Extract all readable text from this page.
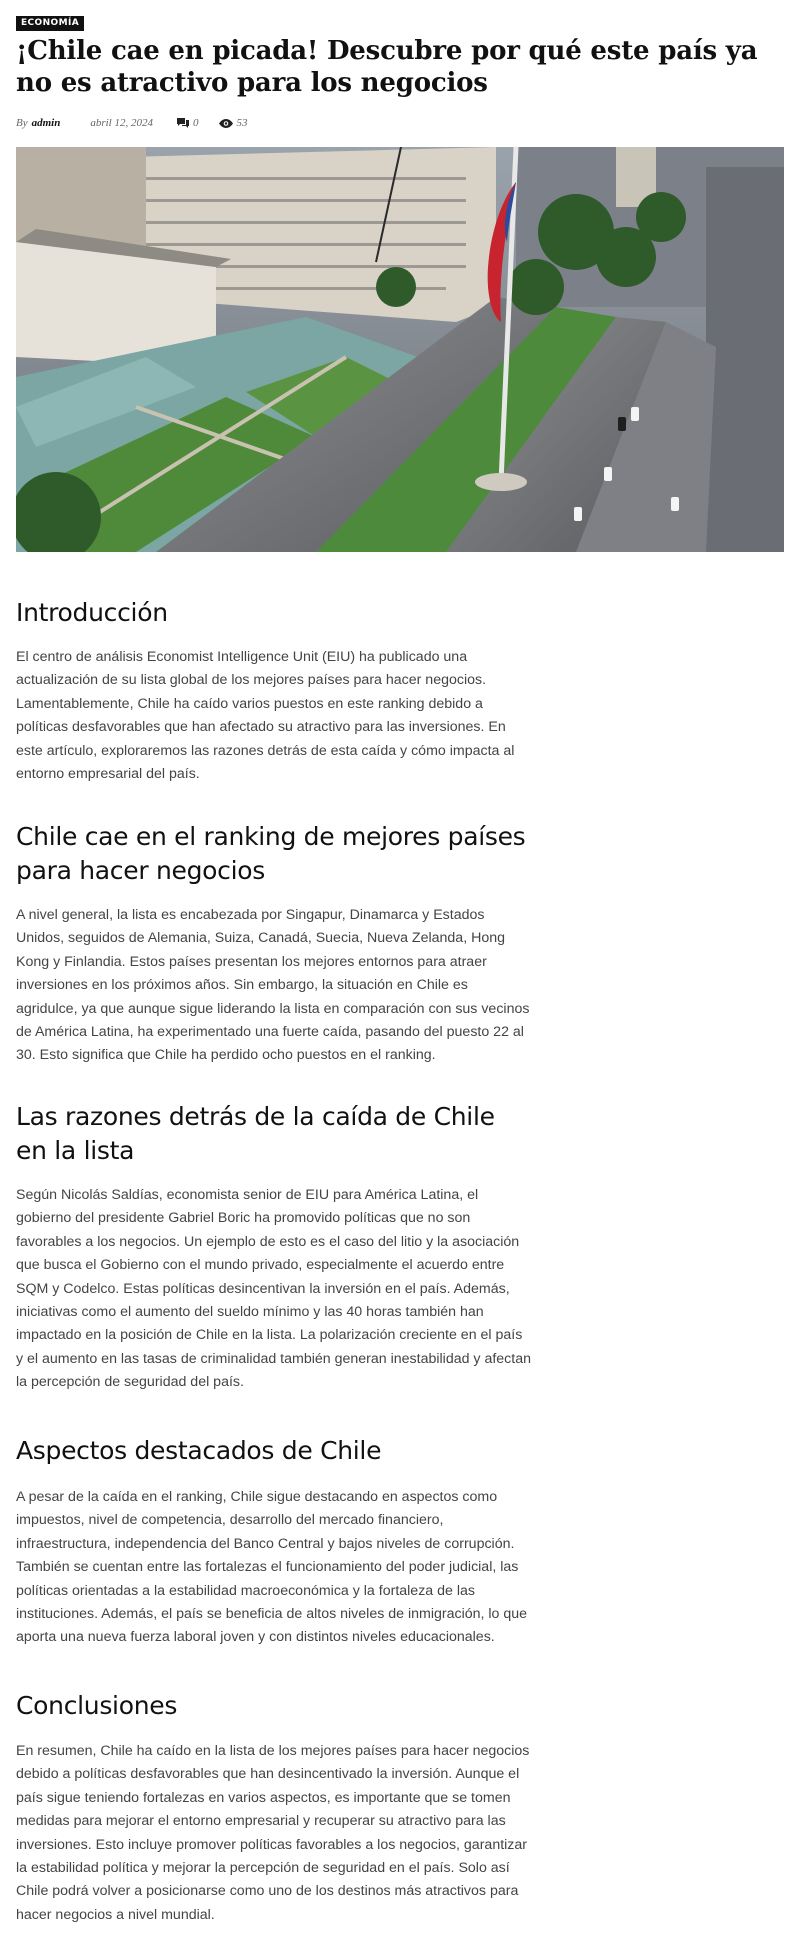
ECONOMÍA
¡Chile cae en picada! Descubre por qué este país ya no es atractivo para los negocios
By admin	abril 12, 2024	0	53
Introducción

El centro de análisis Economist Intelligence Unit (EIU) ha publicado una actualización de su lista global de los mejores países para hacer negocios. Lamentablemente, Chile ha caído varios puestos en este ranking debido a políticas desfavorables que han afectado su atractivo para las inversiones. En este artículo, exploraremos las razones detrás de esta caída y cómo impacta al entorno empresarial del país.

Chile cae en el ranking de mejores países para hacer negocios

A nivel general, la lista es encabezada por Singapur, Dinamarca y Estados Unidos, seguidos de Alemania, Suiza, Canadá, Suecia, Nueva Zelanda, Hong Kong y Finlandia. Estos países presentan los mejores entornos para atraer inversiones en los próximos años. Sin embargo, la situación en Chile es agridulce, ya que aunque sigue liderando la lista en comparación con sus vecinos de América Latina, ha experimentado una fuerte caída, pasando del puesto 22 al 30. Esto significa que Chile ha perdido ocho puestos en el ranking.

Las razones detrás de la caída de Chile en la lista

Según Nicolás Saldías, economista senior de EIU para América Latina, el gobierno del presidente Gabriel Boric ha promovido políticas que no son favorables a los negocios. Un ejemplo de esto es el caso del litio y la asociación que busca el Gobierno con el mundo privado, especialmente el acuerdo entre SQM y Codelco. Estas políticas desincentivan la inversión en el país. Además, iniciativas como el aumento del sueldo mínimo y las 40 horas también han impactado en la posición de Chile en la lista. La polarización creciente en el país y el aumento en las tasas de criminalidad también generan inestabilidad y afectan la percepción de seguridad del país.

Aspectos destacados de Chile

A pesar de la caída en el ranking, Chile sigue destacando en aspectos como impuestos, nivel de competencia, desarrollo del mercado financiero, infraestructura, independencia del Banco Central y bajos niveles de corrupción. También se cuentan entre las fortalezas el funcionamiento del poder judicial, las políticas orientadas a la estabilidad macroeconómica y la fortaleza de las instituciones. Además, el país se beneficia de altos niveles de inmigración, lo que aporta una nueva fuerza laboral joven y con distintos niveles educacionales.

Conclusiones

En resumen, Chile ha caído en la lista de los mejores países para hacer negocios debido a políticas desfavorables que han desincentivado la inversión. Aunque el país sigue teniendo fortalezas en varios aspectos, es importante que se tomen medidas para mejorar el entorno empresarial y recuperar su atractivo para las inversiones. Esto incluye promover políticas favorables a los negocios, garantizar la estabilidad política y mejorar la percepción de seguridad en el país. Solo así Chile podrá volver a posicionarse como uno de los destinos más atractivos para hacer negocios a nivel mundial.
